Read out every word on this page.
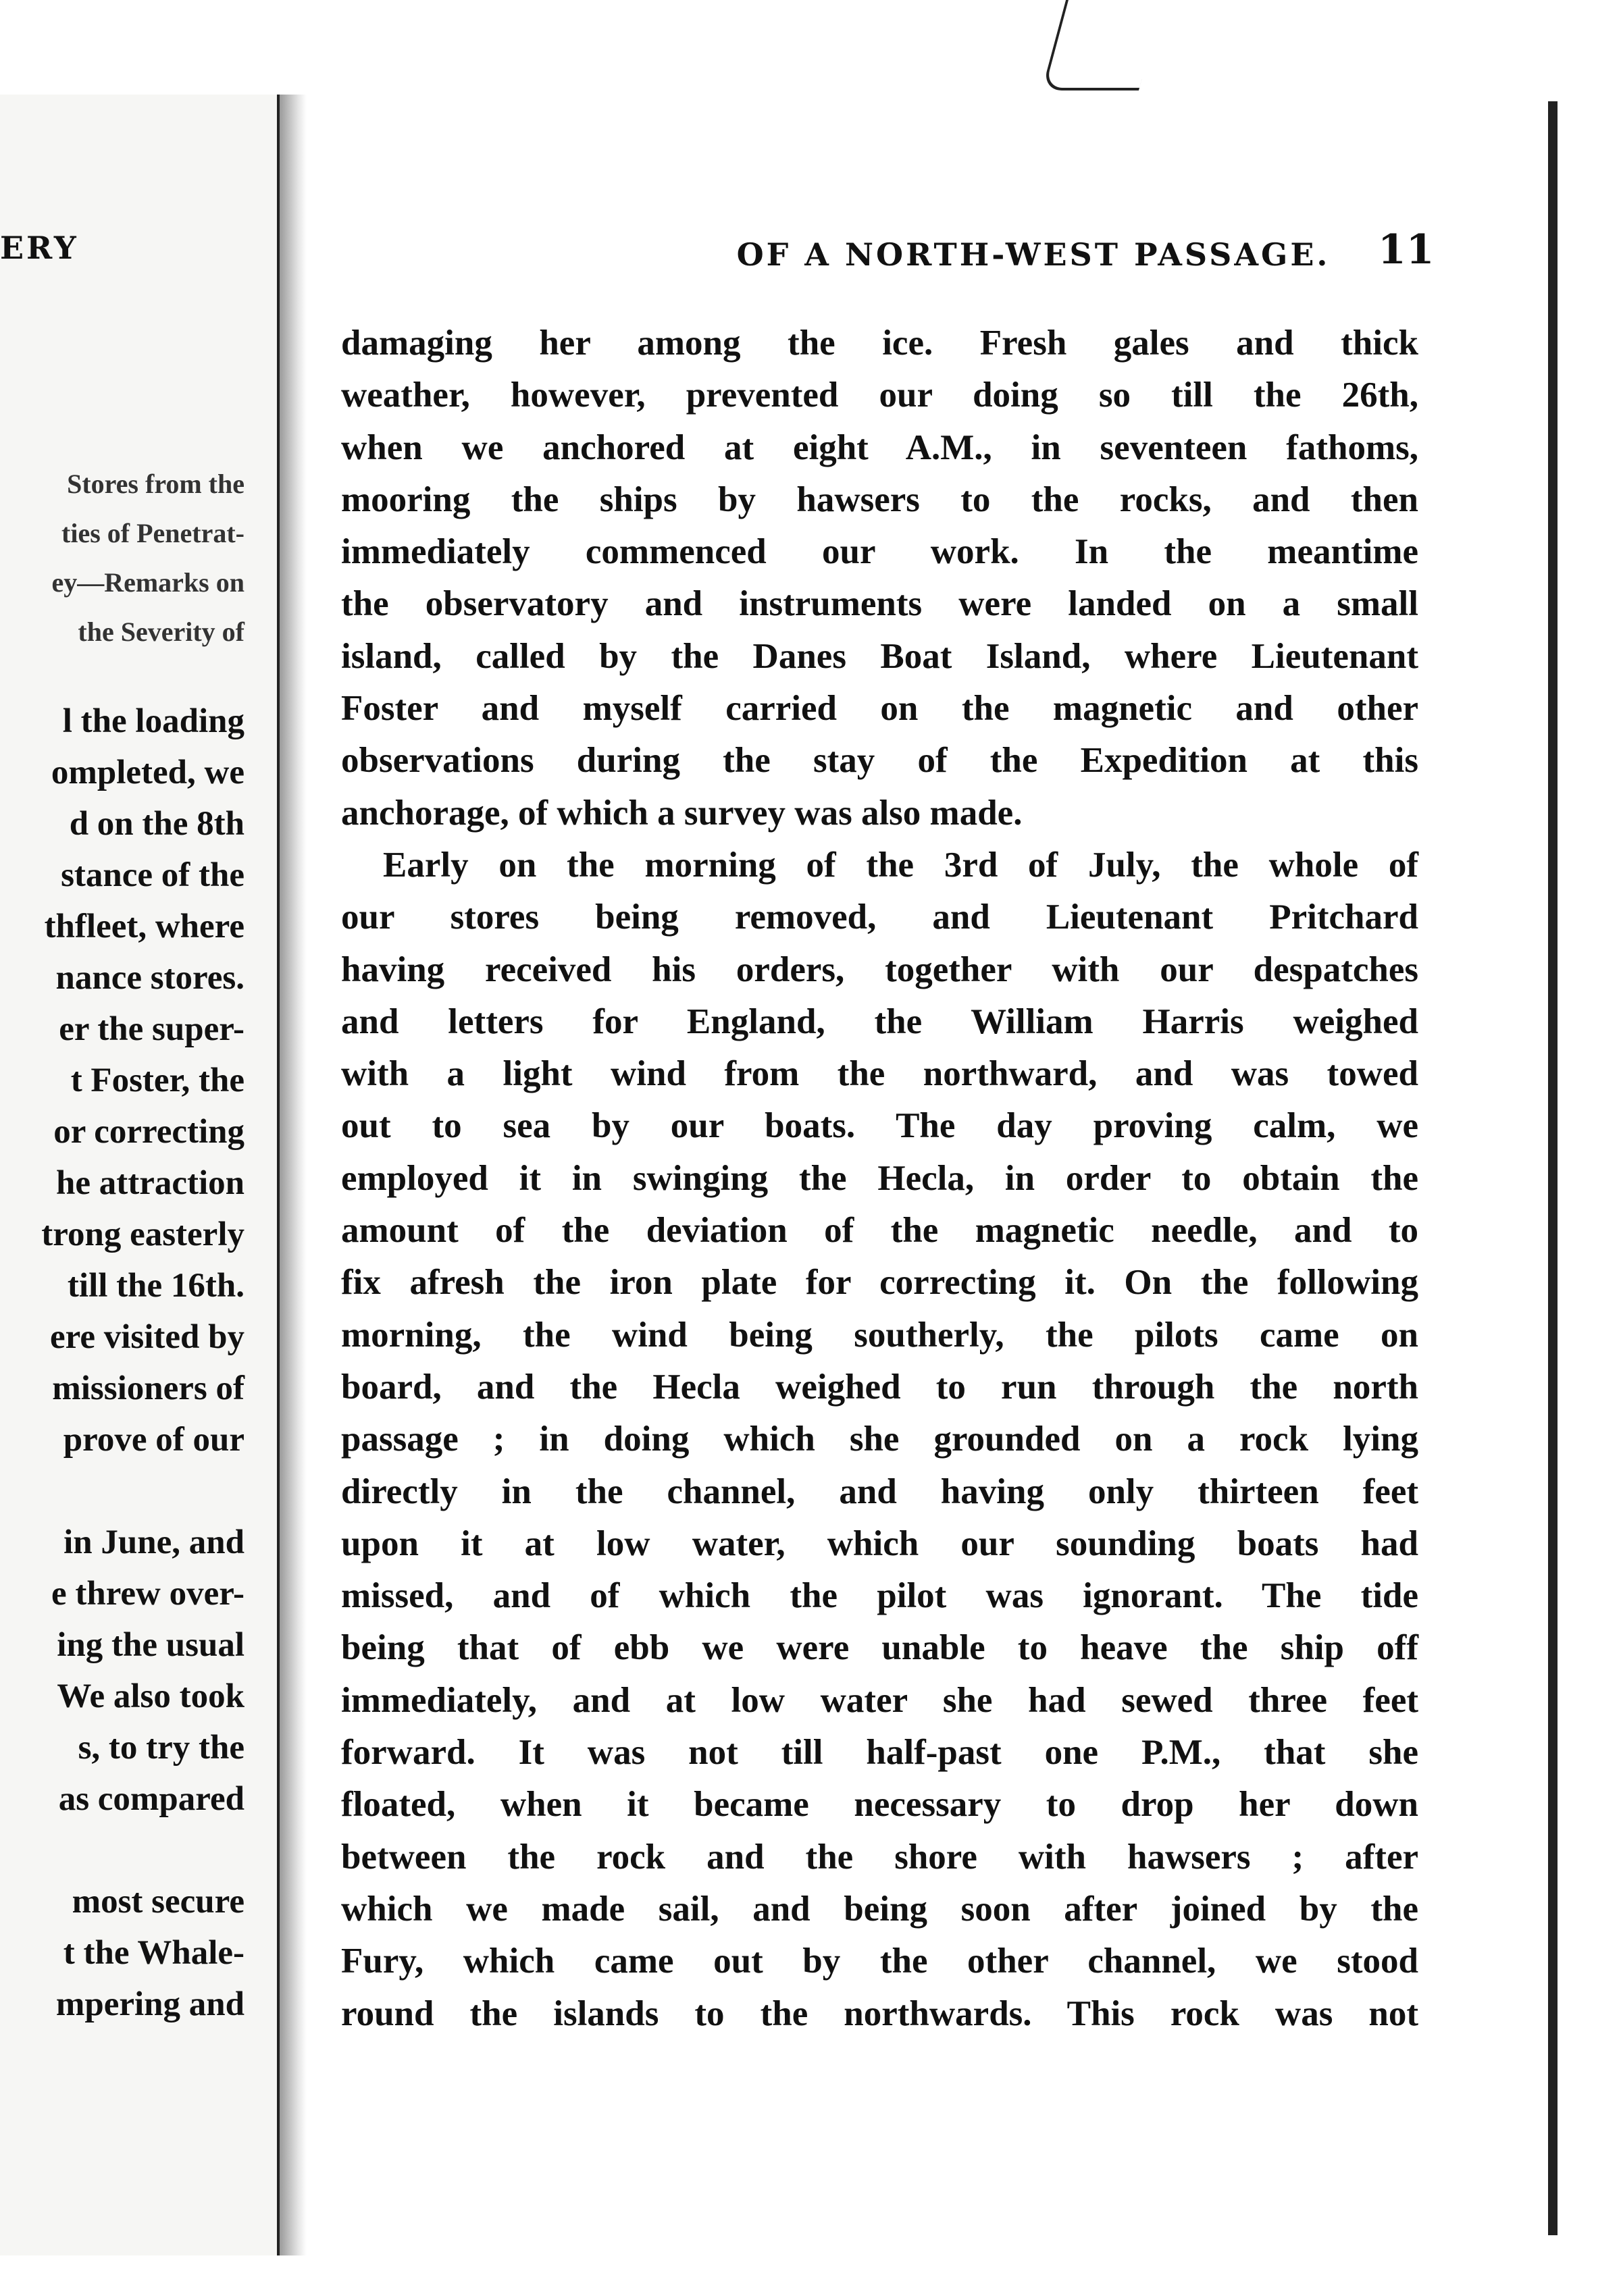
ERY
Stores from the
ties of Penetrat-
ey—Remarks on
the Severity of
l the loading
ompleted, we
d on the 8th
stance of the
thfleet, where
nance stores.
er the super-
t Foster, the
or correcting
he attraction
trong easterly
till the 16th.
ere visited by
missioners of
prove of our
in June, and
e threw over-
ing the usual
We also took
s, to try the
as compared
most secure
t the Whale-
mpering and
OF A NORTH-WEST PASSAGE.	11
damaging her among the ice. Fresh gales and thick
weather, however, prevented our doing so till the 26th,
when we anchored at eight A.M., in seventeen fathoms,
mooring the ships by hawsers to the rocks, and then
immediately commenced our work. In the meantime
the observatory and instruments were landed on a small
island, called by the Danes Boat Island, where Lieutenant
Foster and myself carried on the magnetic and other
observations during the stay of the Expedition at this
anchorage, of which a survey was also made.
Early on the morning of the 3rd of July, the whole of
our stores being removed, and Lieutenant Pritchard
having received his orders, together with our despatches
and letters for England, the William Harris weighed
with a light wind from the northward, and was towed
out to sea by our boats. The day proving calm, we
employed it in swinging the Hecla, in order to obtain the
amount of the deviation of the magnetic needle, and to
fix afresh the iron plate for correcting it. On the following
morning, the wind being southerly, the pilots came on
board, and the Hecla weighed to run through the north
passage ; in doing which she grounded on a rock lying
directly in the channel, and having only thirteen feet
upon it at low water, which our sounding boats had
missed, and of which the pilot was ignorant. The tide
being that of ebb we were unable to heave the ship off
immediately, and at low water she had sewed three feet
forward. It was not till half-past one P.M., that she
floated, when it became necessary to drop her down
between the rock and the shore with hawsers ; after
which we made sail, and being soon after joined by the
Fury, which came out by the other channel, we stood
round the islands to the northwards. This rock was not
